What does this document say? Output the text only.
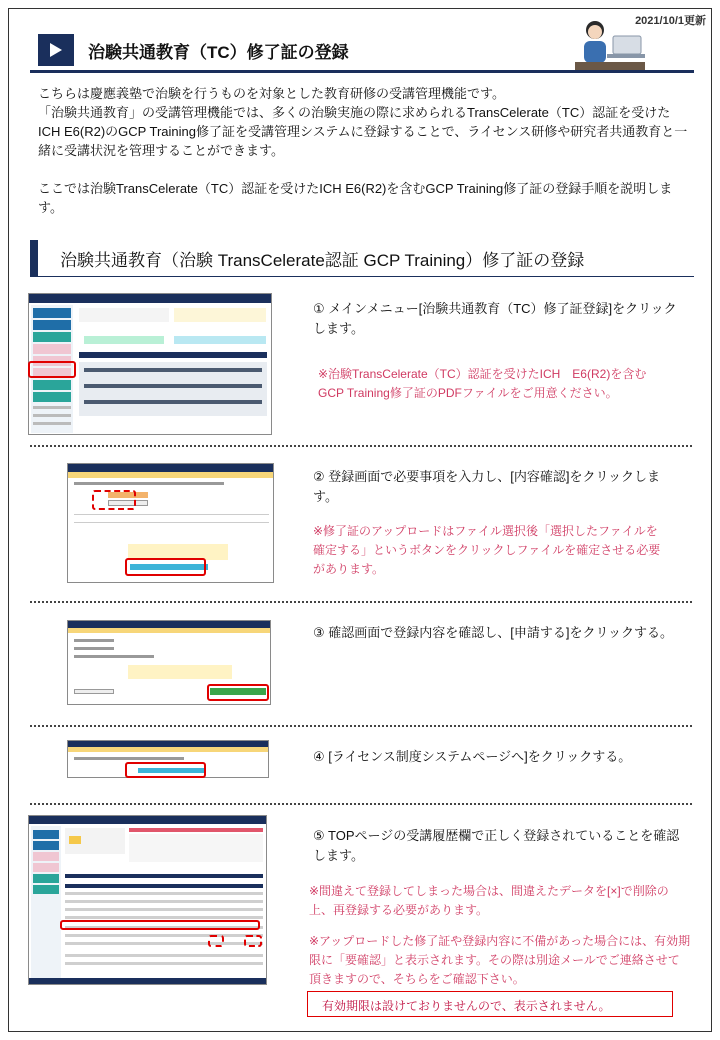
2021/10/1更新
治験共通教育（TC）修了証の登録

こちらは慶應義塾で治験を行うものを対象とした教育研修の受講管理機能です。

「治験共通教育」の受講管理機能では、多くの治験実施の際に求められるTransCelerate（TC）認証を受けたICH E6(R2)のGCP Training修了証を受講管理システムに登録することで、ライセンス研修や研究者共通教育と一緒に受講状況を管理することができます。

ここでは治験TransCelerate（TC）認証を受けたICH E6(R2)を含むGCP Training修了証の登録手順を説明します。

治験共通教育（治験 TransCelerate認証 GCP Training）修了証の登録
① メインメニュー[治験共通教育（TC）修了証登録]をクリックします。
※治験TransCelerate（TC）認証を受けたICH　E6(R2)を含むGCP Training修了証のPDFファイルをご用意ください。
② 登録画面で必要事項を入力し、[内容確認]をクリックします。
※修了証のアップロードはファイル選択後「選択したファイルを確定する」というボタンをクリックしファイルを確定させる必要があります。
③ 確認画面で登録内容を確認し、[申請する]をクリックする。
④ [ライセンス制度システムページへ]をクリックする。
⑤ TOPページの受講履歴欄で正しく登録されていることを確認します。
※間違えて登録してしまった場合は、間違えたデータを[×]で削除の上、再登録する必要があります。
※アップロードした修了証や登録内容に不備があった場合には、有効期限に「要確認」と表示されます。その際は別途メールでご連絡させて頂きますので、そちらをご確認下さい。
有効期限は設けておりませんので、表示されません。
